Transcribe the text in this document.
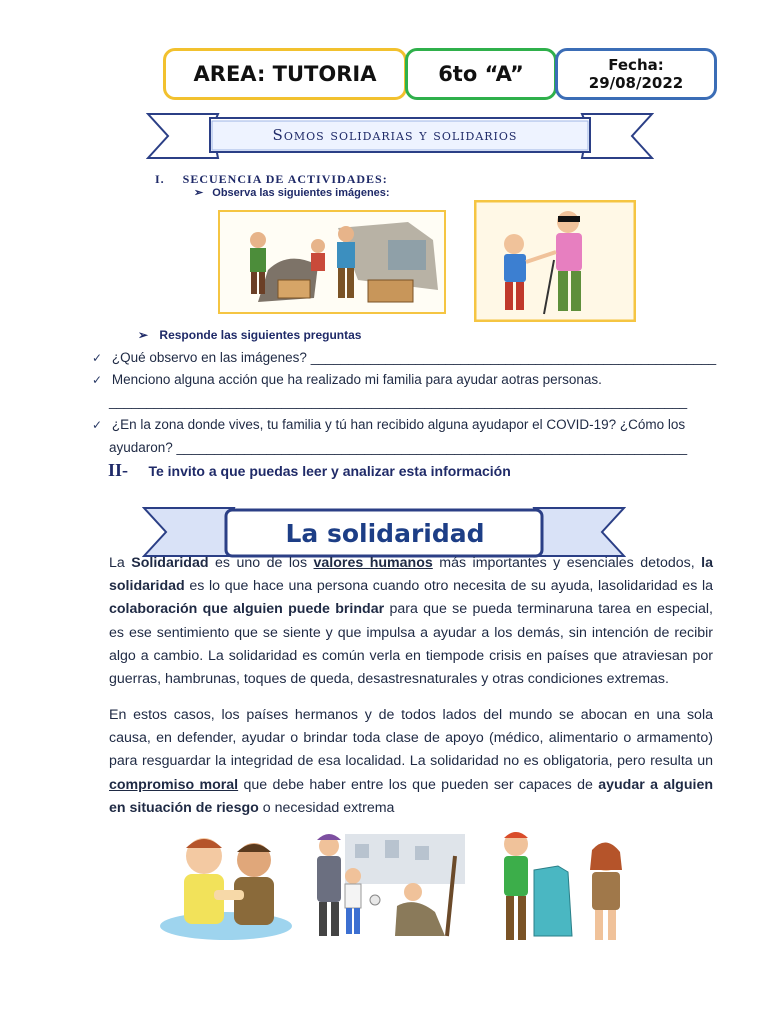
AREA: TUTORIA	6to “A”	Fecha:
29/08/2022
Somos solidarias y solidarios
I. SECUENCIA DE ACTIVIDADES:
➢ Observa las siguientes imágenes:
➢ Responde las siguientes preguntas
✓ ¿Qué observo en las imágenes? ______________________________________________________
✓ Menciono alguna acción que ha realizado mi familia para ayudar aotras personas.
_____________________________________________________________________________
✓ ¿En la zona donde vives, tu familia y tú han recibido alguna ayudapor el COVID-19? ¿Cómo los
ayudaron? ____________________________________________________________________
II- Te invito a que puedas leer y analizar esta información
La solidaridad
La Solidaridad es uno de los valores humanos más importantes y esenciales detodos, la solidaridad es lo que hace una persona cuando otro necesita de su ayuda, lasolidaridad es la colaboración que alguien puede brindar para que se pueda terminaruna tarea en especial, es ese sentimiento que se siente y que impulsa a ayudar a los demás, sin intención de recibir algo a cambio. La solidaridad es común verla en tiempode crisis en países que atraviesan por guerras, hambrunas, toques de queda, desastresnaturales y otras condiciones extremas.
En estos casos, los países hermanos y de todos lados del mundo se abocan en una sola causa, en defender, ayudar o brindar toda clase de apoyo (médico, alimentario o armamento) para resguardar la integridad de esa localidad. La solidaridad no es obligatoria, pero resulta un compromiso moral que debe haber entre los que pueden ser capaces de ayudar a alguien en situación de riesgo o necesidad extrema
